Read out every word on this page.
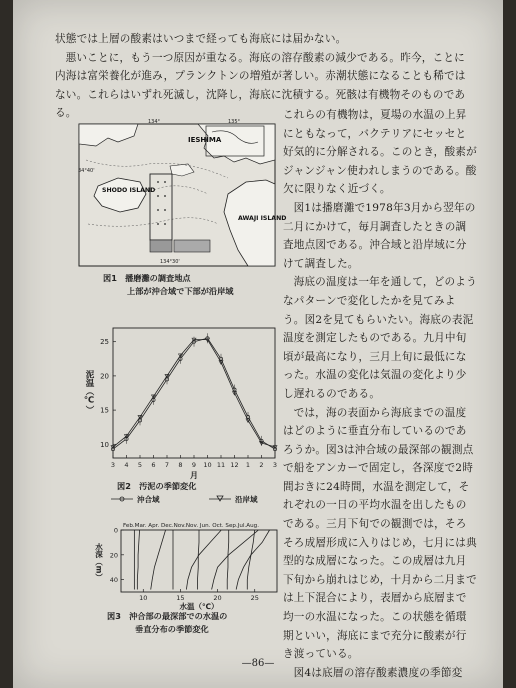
状態では上層の酸素はいつまで経っても海底には届かない。

悪いことに，もう一つ原因が重なる。海底の溶存酸素の減少である。昨今，ことに内海は富栄養化が進み，プランクトンの増殖が著しい。赤潮状態になることも稀ではない。これらはいずれ死滅し，沈降し，海底に沈積する。死骸は有機物そのものである。	これらの有機物は，夏場の水温の上昇にともなって，バクテリアにセッセと好気的に分解される。このとき，酸素がジャンジャン使われしまうのである。酸欠に限りなく近づく。

図1は播磨灘で1978年3月から翌年の二月にかけて，毎月調査したときの調査地点図である。沖合域と沿岸域に分けて調査した。

海底の温度は一年を通して，どのようなパターンで変化したかを見てみよう。図2を見てもらいたい。海底の表泥温度を測定したものである。九月中旬頃が最高になり，三月上旬に最低になった。水温の変化は気温の変化より少し遅れるのである。

では，海の表面から海底までの温度はどのように垂直分布しているのであろうか。図3は沖合域の最深部の観測点で船をアンカーで固定し，各深度で2時間おきに24時間，水温を測定して，それぞれの一日の平均水温を出したものである。三月下旬での観測では，そろそろ成層形成に入りはじめ，七月には典型的な成層になった。この成層は九月下旬から崩れはじめ，十月から二月までは上下混合により，表層から底層まで均一の水温になった。この状態を循環期といい，海底にまで充分に酸素が行き渡っている。

図4は底層の溶存酸素濃度の季節変

IESHIMA
SHODO ISLAND
AWAJI ISLAND
134°	135°
34°40'
134°30'
図1　播磨灘の調査地点
上部が沖合域で下部が沿岸域
3 4 5 6 7 8 9 10 11 12 1 2 3
10
15
20
25
泥温（℃）
月
図2　汚泥の季節変化
沖合域	沿岸域
Feb.Mar. Apr. Dec.Nov.Nov. Jun. Oct. Sep.Jul.Aug.
10	15	20	25
0
20
40
水深（m）
水温（℃）
図3　沖合部の最深部での水温の
垂直分布の季節変化
—86—
